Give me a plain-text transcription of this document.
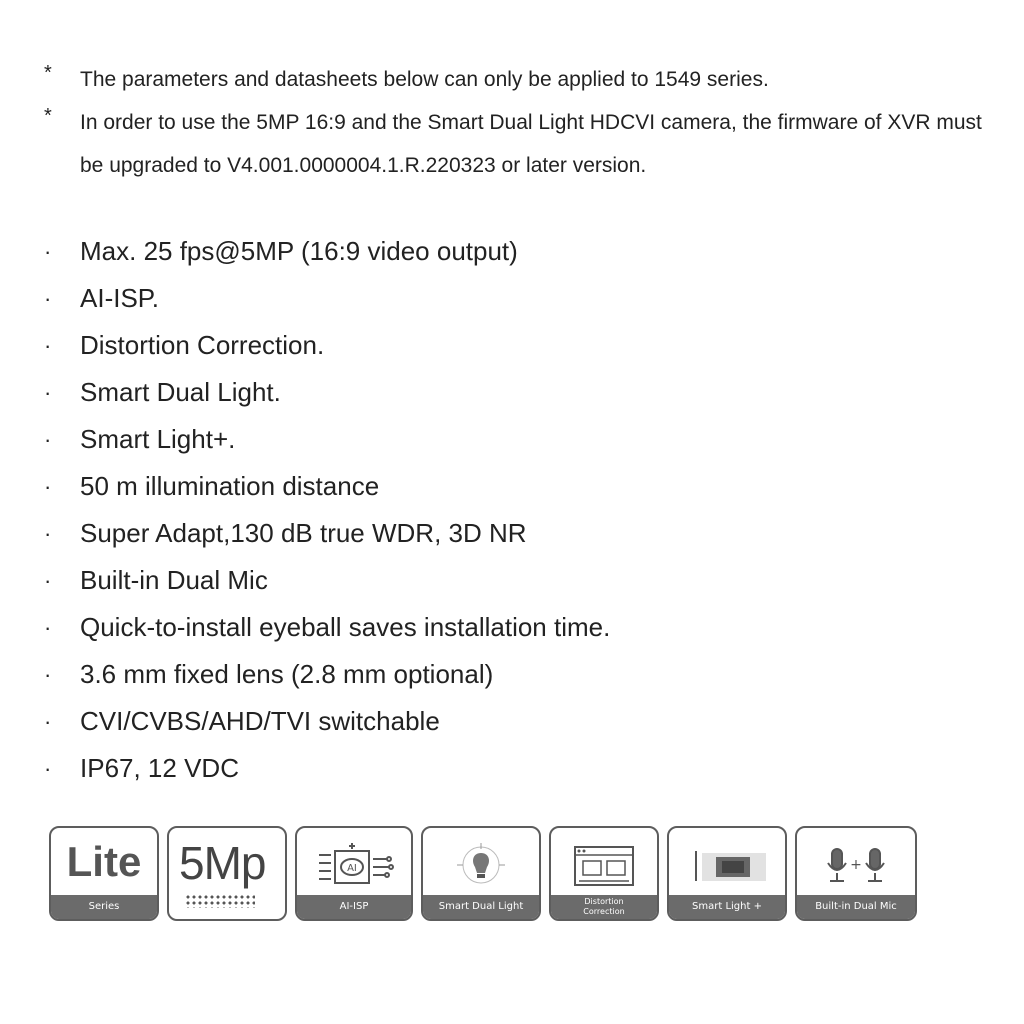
*	The parameters and datasheets below can only be applied to 1549 series.
*	In order to use the 5MP 16:9 and the Smart Dual Light HDCVI camera, the firmware of XVR must be upgraded to V4.001.0000004.1.R.220323 or later version.
·	Max. 25 fps@5MP (16:9 video output)
·	AI-ISP.
·	Distortion Correction.
·	Smart Dual Light.
·	Smart Light+.
·	50 m illumination distance
·	Super Adapt,130 dB true WDR, 3D NR
·	Built-in Dual Mic
·	Quick-to-install eyeball saves installation time.
·	3.6 mm fixed lens (2.8 mm optional)
·	CVI/CVBS/AHD/TVI switchable
·	IP67, 12 VDC
Lite
Series
5Mp	AI
AI-ISP	Smart Dual Light	Distortion
Correction	Smart Light +
+
Built-in Dual Mic
